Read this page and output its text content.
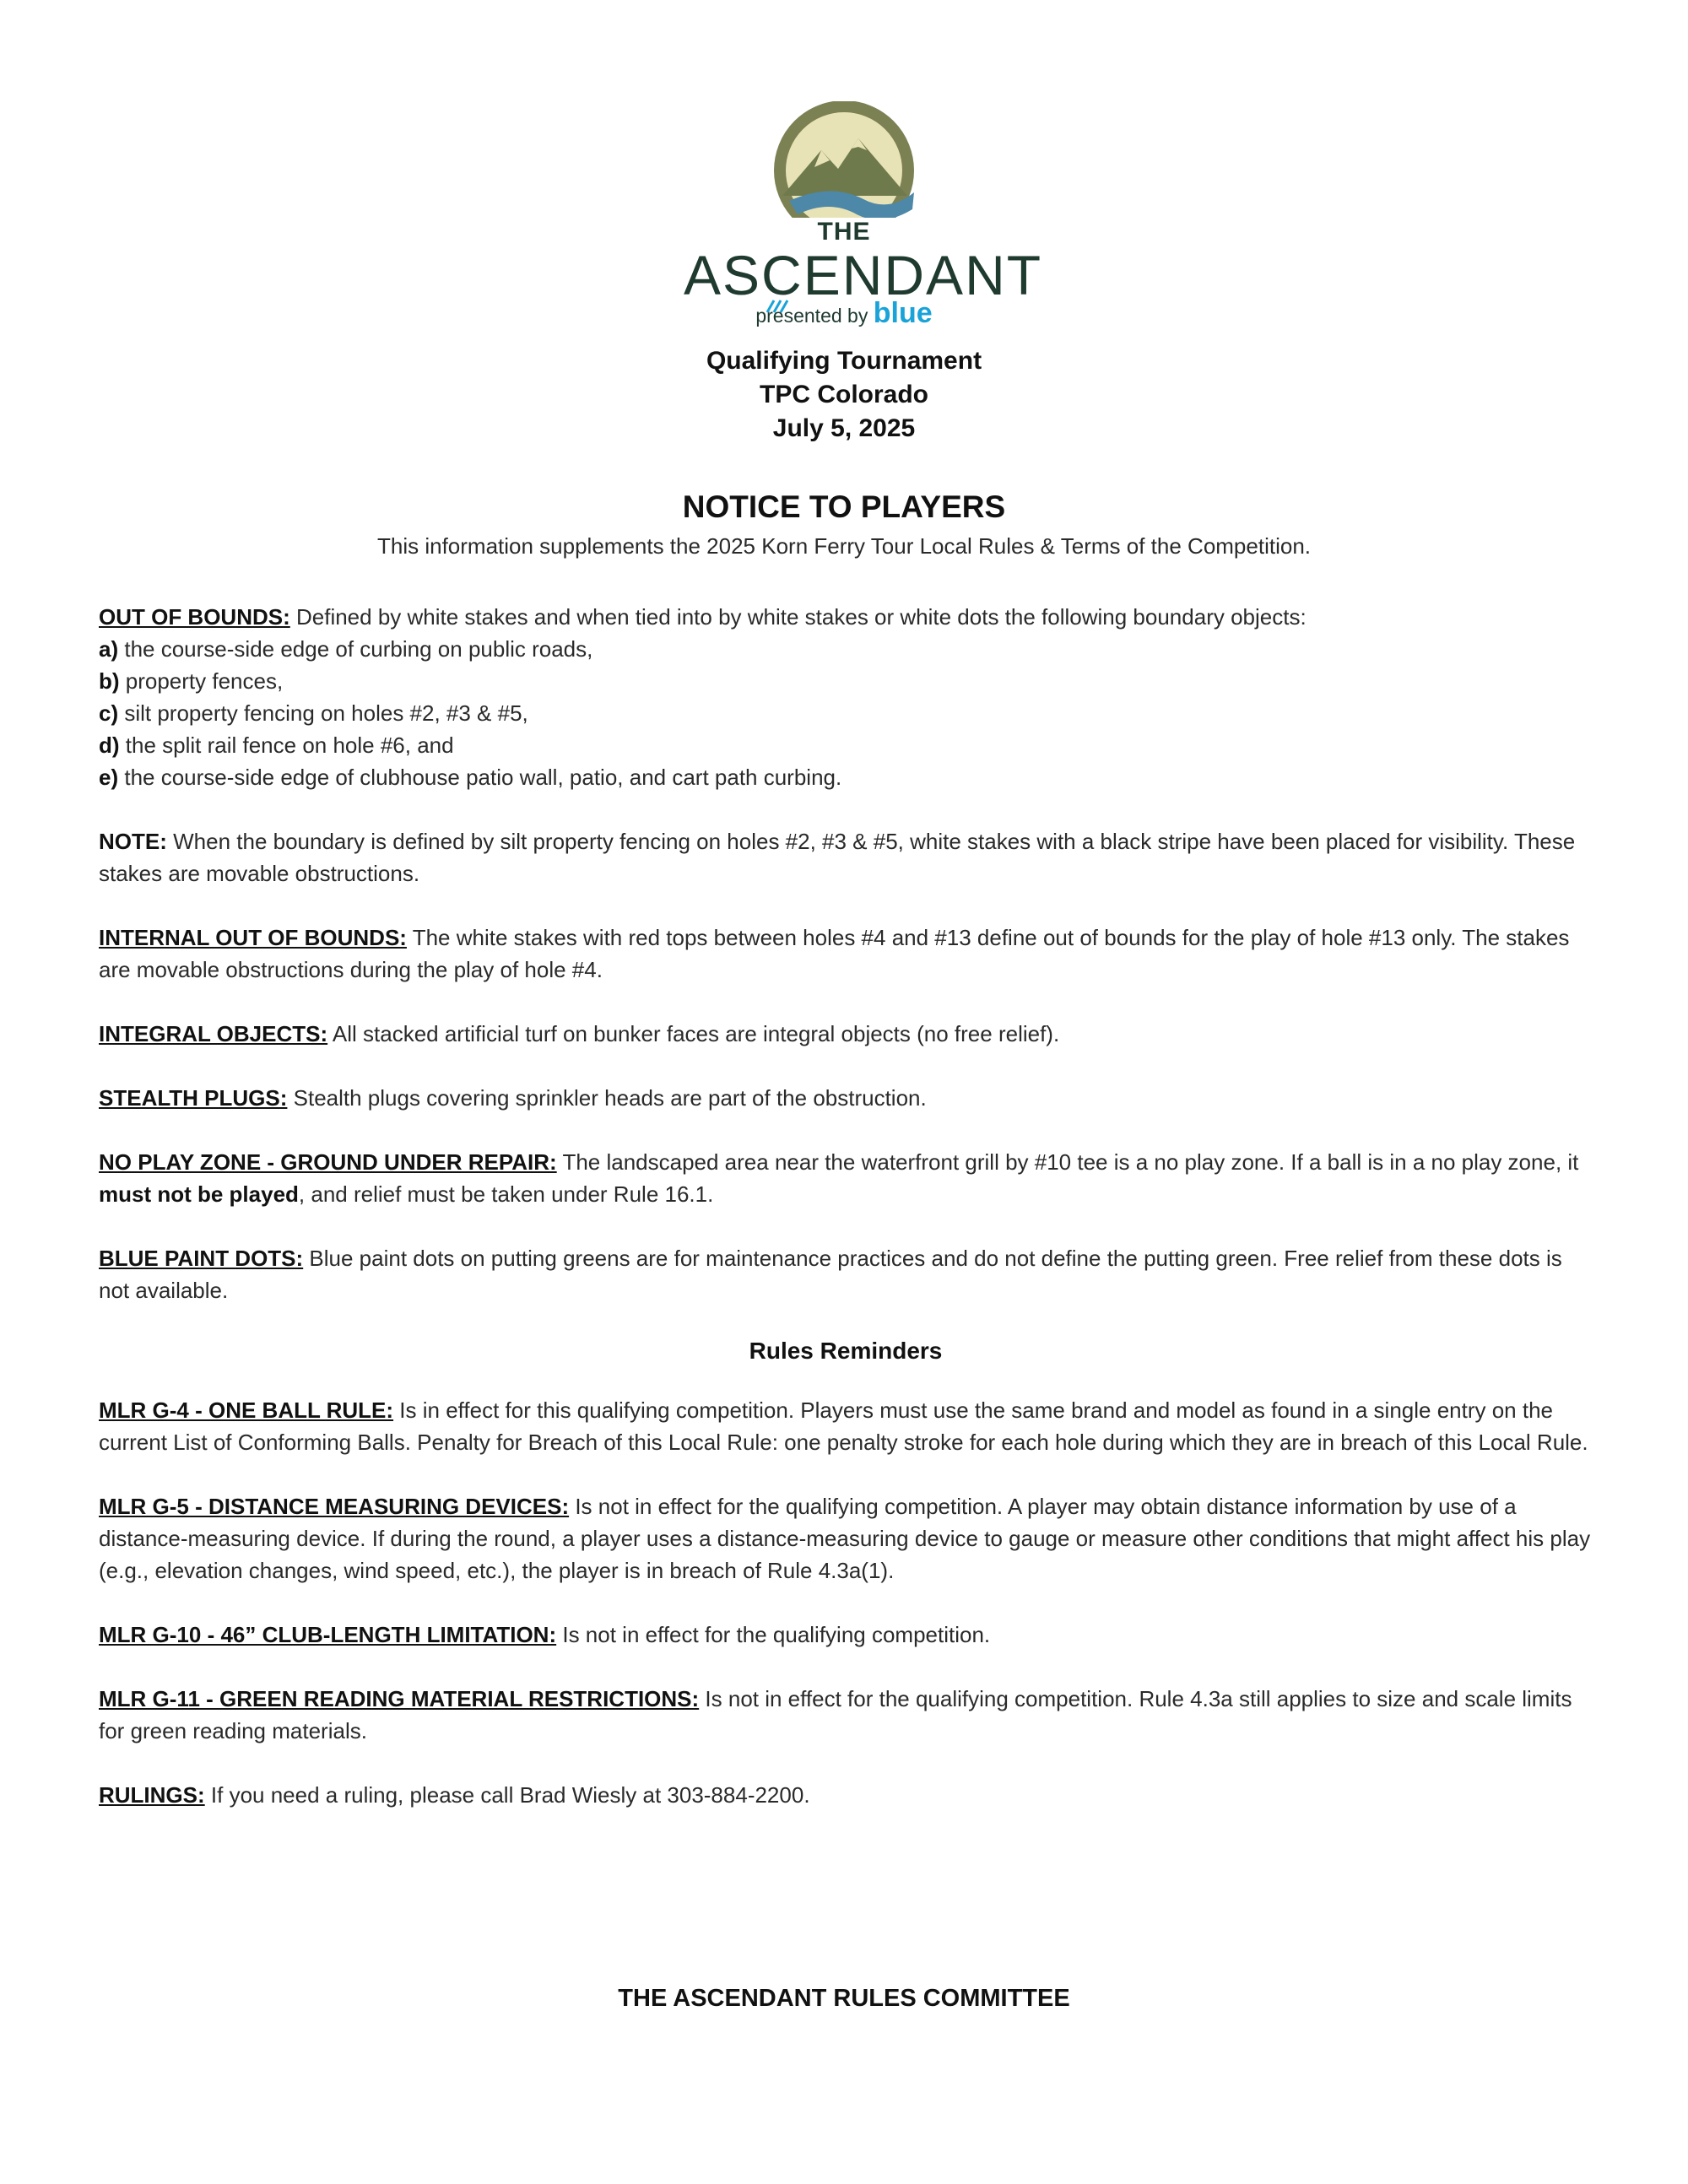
THE
ASCENDANT
presented by blue
Qualifying Tournament
TPC Colorado
July 5, 2025
NOTICE TO PLAYERS
This information supplements the 2025 Korn Ferry Tour Local Rules & Terms of the Competition.

OUT OF BOUNDS: Defined by white stakes and when tied into by white stakes or white dots the following boundary objects:

a) the course-side edge of curbing on public roads,

b) property fences,

c) silt property fencing on holes #2, #3 & #5,

d) the split rail fence on hole #6, and

e) the course-side edge of clubhouse patio wall, patio, and cart path curbing.

NOTE: When the boundary is defined by silt property fencing on holes #2, #3 & #5, white stakes with a black stripe have been placed for visibility. These stakes are movable obstructions.

INTERNAL OUT OF BOUNDS: The white stakes with red tops between holes #4 and #13 define out of bounds for the play of hole #13 only. The stakes are movable obstructions during the play of hole #4.

INTEGRAL OBJECTS: All stacked artificial turf on bunker faces are integral objects (no free relief).

STEALTH PLUGS: Stealth plugs covering sprinkler heads are part of the obstruction.

NO PLAY ZONE - GROUND UNDER REPAIR: The landscaped area near the waterfront grill by #10 tee is a no play zone. If a ball is in a no play zone, it must not be played, and relief must be taken under Rule 16.1.

BLUE PAINT DOTS: Blue paint dots on putting greens are for maintenance practices and do not define the putting green. Free relief from these dots is not available.

Rules Reminders

MLR G-4 - ONE BALL RULE: Is in effect for this qualifying competition. Players must use the same brand and model as found in a single entry on the current List of Conforming Balls. Penalty for Breach of this Local Rule: one penalty stroke for each hole during which they are in breach of this Local Rule.

MLR G-5 - DISTANCE MEASURING DEVICES: Is not in effect for the qualifying competition. A player may obtain distance information by use of a distance-measuring device. If during the round, a player uses a distance-measuring device to gauge or measure other conditions that might affect his play (e.g., elevation changes, wind speed, etc.), the player is in breach of Rule 4.3a(1).

MLR G-10 - 46” CLUB-LENGTH LIMITATION: Is not in effect for the qualifying competition.

MLR G-11 - GREEN READING MATERIAL RESTRICTIONS: Is not in effect for the qualifying competition. Rule 4.3a still applies to size and scale limits for green reading materials.

RULINGS: If you need a ruling, please call Brad Wiesly at 303-884-2200.

THE ASCENDANT RULES COMMITTEE
